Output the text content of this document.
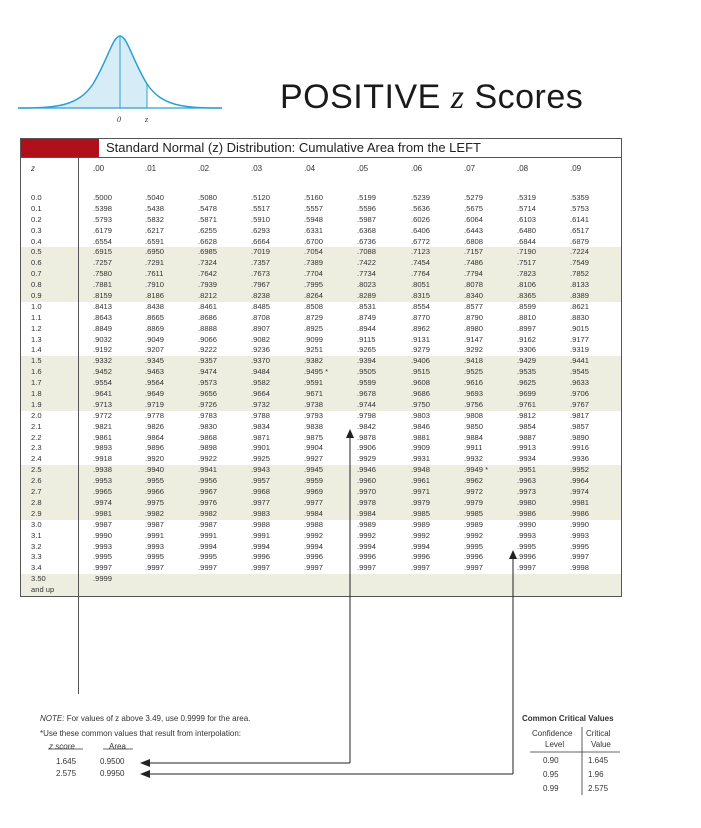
0	z
POSITIVE z Scores
Standard Normal (z) Distribution: Cumulative Area from the LEFT
z	.00	.01	.02	.03	.04	.05	.06	.07	.08	.09
0.0	.5000	.5040	.5080	.5120	.5160	.5199	.5239	.5279	.5319	.5359
0.1	.5398	.5438	.5478	.5517	.5557	.5596	.5636	.5675	.5714	.5753
0.2	.5793	.5832	.5871	.5910	.5948	.5987	.6026	.6064	.6103	.6141
0.3	.6179	.6217	.6255	.6293	.6331	.6368	.6406	.6443	.6480	.6517
0.4	.6554	.6591	.6628	.6664	.6700	.6736	.6772	.6808	.6844	.6879
0.5	.6915	.6950	.6985	.7019	.7054	.7088	.7123	.7157	.7190	.7224
0.6	.7257	.7291	.7324	.7357	.7389	.7422	.7454	.7486	.7517	.7549
0.7	.7580	.7611	.7642	.7673	.7704	.7734	.7764	.7794	.7823	.7852
0.8	.7881	.7910	.7939	.7967	.7995	.8023	.8051	.8078	.8106	.8133
0.9	.8159	.8186	.8212	.8238	.8264	.8289	.8315	.8340	.8365	.8389
1.0	.8413	.8438	.8461	.8485	.8508	.8531	.8554	.8577	.8599	.8621
1.1	.8643	.8665	.8686	.8708	.8729	.8749	.8770	.8790	.8810	.8830
1.2	.8849	.8869	.8888	.8907	.8925	.8944	.8962	.8980	.8997	.9015
1.3	.9032	.9049	.9066	.9082	.9099	.9115	.9131	.9147	.9162	.9177
1.4	.9192	.9207	.9222	.9236	.9251	.9265	.9279	.9292	.9306	.9319
1.5	.9332	.9345	.9357	.9370	.9382	.9394	.9406	.9418	.9429	.9441
1.6	.9452	.9463	.9474	.9484	.9495 *	.9505	.9515	.9525	.9535	.9545
1.7	.9554	.9564	.9573	.9582	.9591	.9599	.9608	.9616	.9625	.9633
1.8	.9641	.9649	.9656	.9664	.9671	.9678	.9686	.9693	.9699	.9706
1.9	.9713	.9719	.9726	.9732	.9738	.9744	.9750	.9756	.9761	.9767
2.0	.9772	.9778	.9783	.9788	.9793	.9798	.9803	.9808	.9812	.9817
2.1	.9821	.9826	.9830	.9834	.9838	.9842	.9846	.9850	.9854	.9857
2.2	.9861	.9864	.9868	.9871	.9875	.9878	.9881	.9884	.9887	.9890
2.3	.9893	.9896	.9898	.9901	.9904	.9906	.9909	.9911	.9913	.9916
2.4	.9918	.9920	.9922	.9925	.9927	.9929	.9931	.9932	.9934	.9936
2.5	.9938	.9940	.9941	.9943	.9945	.9946	.9948	.9949 *	.9951	.9952
2.6	.9953	.9955	.9956	.9957	.9959	.9960	.9961	.9962	.9963	.9964
2.7	.9965	.9966	.9967	.9968	.9969	.9970	.9971	.9972	.9973	.9974
2.8	.9974	.9975	.9976	.9977	.9977	.9978	.9979	.9979	.9980	.9981
2.9	.9981	.9982	.9982	.9983	.9984	.9984	.9985	.9985	.9986	.9986
3.0	.9987	.9987	.9987	.9988	.9988	.9989	.9989	.9989	.9990	.9990
3.1	.9990	.9991	.9991	.9991	.9992	.9992	.9992	.9992	.9993	.9993
3.2	.9993	.9993	.9994	.9994	.9994	.9994	.9994	.9995	.9995	.9995
3.3	.9995	.9995	.9995	.9996	.9996	.9996	.9996	.9996	.9996	.9997
3.4	.9997	.9997	.9997	.9997	.9997	.9997	.9997	.9997	.9997	.9998
3.50	.9999
and up
NOTE: For values of z above 3.49, use 0.9999 for the area.
*Use these common values that result from interpolation:
z score	Area
1.645	0.9500
2.575	0.9950
Common Critical Values
Confidence
Level
Critical
Value
0.90	1.645
0.95	1.96
0.99	2.575
